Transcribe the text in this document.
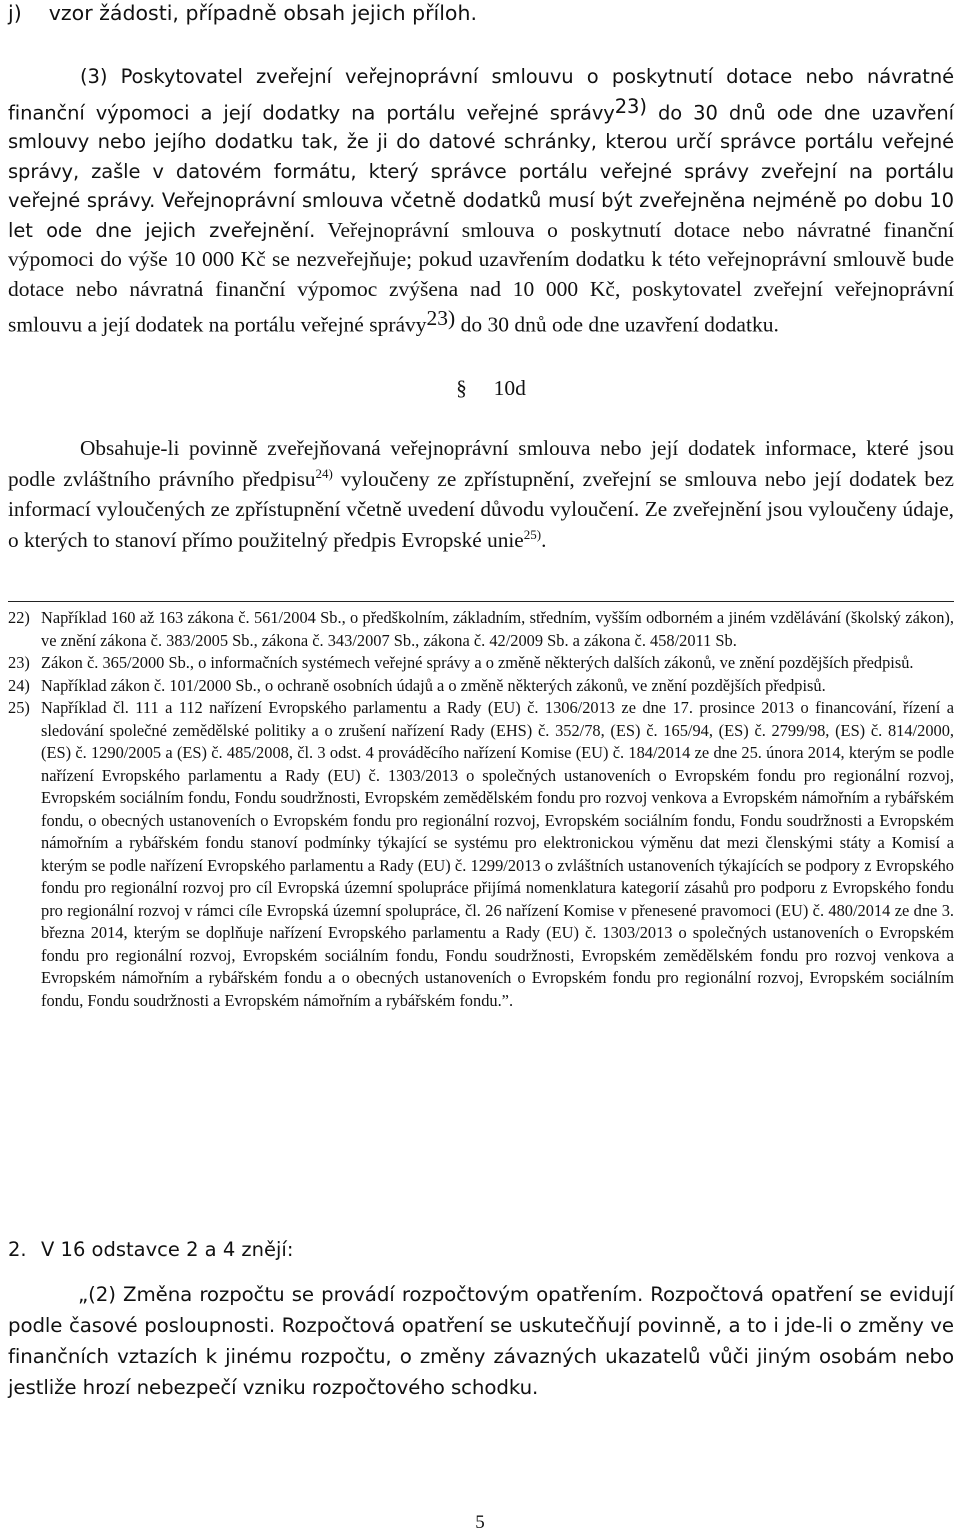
j) vzor žádosti, případně obsah jejich příloh.

(3) Poskytovatel zveřejní veřejnoprávní smlouvu o poskytnutí dotace nebo návratné finanční výpomoci a její dodatky na portálu veřejné správy$^{23)}$ do 30 dnů ode dne uzavření smlouvy nebo jejího dodatku tak, že ji do datové schránky, kterou určí správce portálu veřejné správy, zašle v datovém formátu, který správce portálu veřejné správy zveřejní na portálu veřejné správy. Veřejnoprávní smlouva včetně dodatků musí být zveřejněna nejméně po dobu 10 let ode dne jejich zveřejnění. Veřejnoprávní smlouva o poskytnutí dotace nebo návratné finanční výpomoci do výše 10 000 Kč se nezveřejňuje; pokud uzavřením dodatku k této veřejnoprávní smlouvě bude dotace nebo návratná finanční výpomoc zvýšena nad 10 000 Kč, poskytovatel zveřejní veřejnoprávní smlouvu a její dodatek na portálu veřejné správy$^{23)}$ do 30 dnů ode dne uzavření dodatku.

§ 10d

Obsahuje-li povinně zveřejňovaná veřejnoprávní smlouva nebo její dodatek informace, které jsou podle zvláštního právního předpisu$^{24)}$ vyloučeny ze zpřístupnění, zveřejní se smlouva nebo její dodatek bez informací vyloučených ze zpřístupnění včetně uvedení důvodu vyloučení. Ze zveřejnění jsou vyloučeny údaje, o kterých to stanoví přímo použitelný předpis Evropské unie$^{25)}$.

22) Například 160 až 163 zákona č. 561/2004 Sb., o předškolním, základním, středním, vyšším odborném a jiném vzdělávání (školský zákon), ve znění zákona č. 383/2005 Sb., zákona č. 343/2007 Sb., zákona č. 42/2009 Sb. a zákona č. 458/2011 Sb.

23) Zákon č. 365/2000 Sb., o informačních systémech veřejné správy a o změně některých dalších zákonů, ve znění pozdějších předpisů.

24) Například zákon č. 101/2000 Sb., o ochraně osobních údajů a o změně některých zákonů, ve znění pozdějších předpisů.

25) Například čl. 111 a 112 nařízení Evropského parlamentu a Rady (EU) č. 1306/2013 ze dne 17. prosince 2013 o financování, řízení a sledování společné zemědělské politiky a o zrušení nařízení Rady (EHS) č. 352/78, (ES) č. 165/94, (ES) č. 2799/98, (ES) č. 814/2000, (ES) č. 1290/2005 a (ES) č. 485/2008, čl. 3 odst. 4 prováděcího nařízení Komise (EU) č. 184/2014 ze dne 25. února 2014, kterým se podle nařízení Evropského parlamentu a Rady (EU) č. 1303/2013 o společných ustanoveních o Evropském fondu pro regionální rozvoj, Evropském sociálním fondu, Fondu soudržnosti, Evropském zemědělském fondu pro rozvoj venkova a Evropském námořním a rybářském fondu, o obecných ustanoveních o Evropském fondu pro regionální rozvoj, Evropském sociálním fondu, Fondu soudržnosti a Evropském námořním a rybářském fondu stanoví podmínky týkající se systému pro elektronickou výměnu dat mezi členskými státy a Komisí a kterým se podle nařízení Evropského parlamentu a Rady (EU) č. 1299/2013 o zvláštních ustanoveních týkajících se podpory z Evropského fondu pro regionální rozvoj pro cíl Evropská územní spolupráce přijímá nomenklatura kategorií zásahů pro podporu z Evropského fondu pro regionální rozvoj v rámci cíle Evropská územní spolupráce, čl. 26 nařízení Komise v přenesené pravomoci (EU) č. 480/2014 ze dne 3. března 2014, kterým se doplňuje nařízení Evropského parlamentu a Rady (EU) č. 1303/2013 o společných ustanoveních o Evropském fondu pro regionální rozvoj, Evropském sociálním fondu, Fondu soudržnosti, Evropském zemědělském fondu pro rozvoj venkova a Evropském námořním a rybářském fondu a o obecných ustanoveních o Evropském fondu pro regionální rozvoj, Evropském sociálním fondu, Fondu soudržnosti a Evropském námořním a rybářském fondu.”.

2. V 16 odstavce 2 a 4 znějí:

„(2) Změna rozpočtu se provádí rozpočtovým opatřením. Rozpočtová opatření se evidují podle časové posloupnosti. Rozpočtová opatření se uskutečňují povinně, a to i jde-li o změny ve finančních vztazích k jinému rozpočtu, o změny závazných ukazatelů vůči jiným osobám nebo jestliže hrozí nebezpečí vzniku rozpočtového schodku.

5
